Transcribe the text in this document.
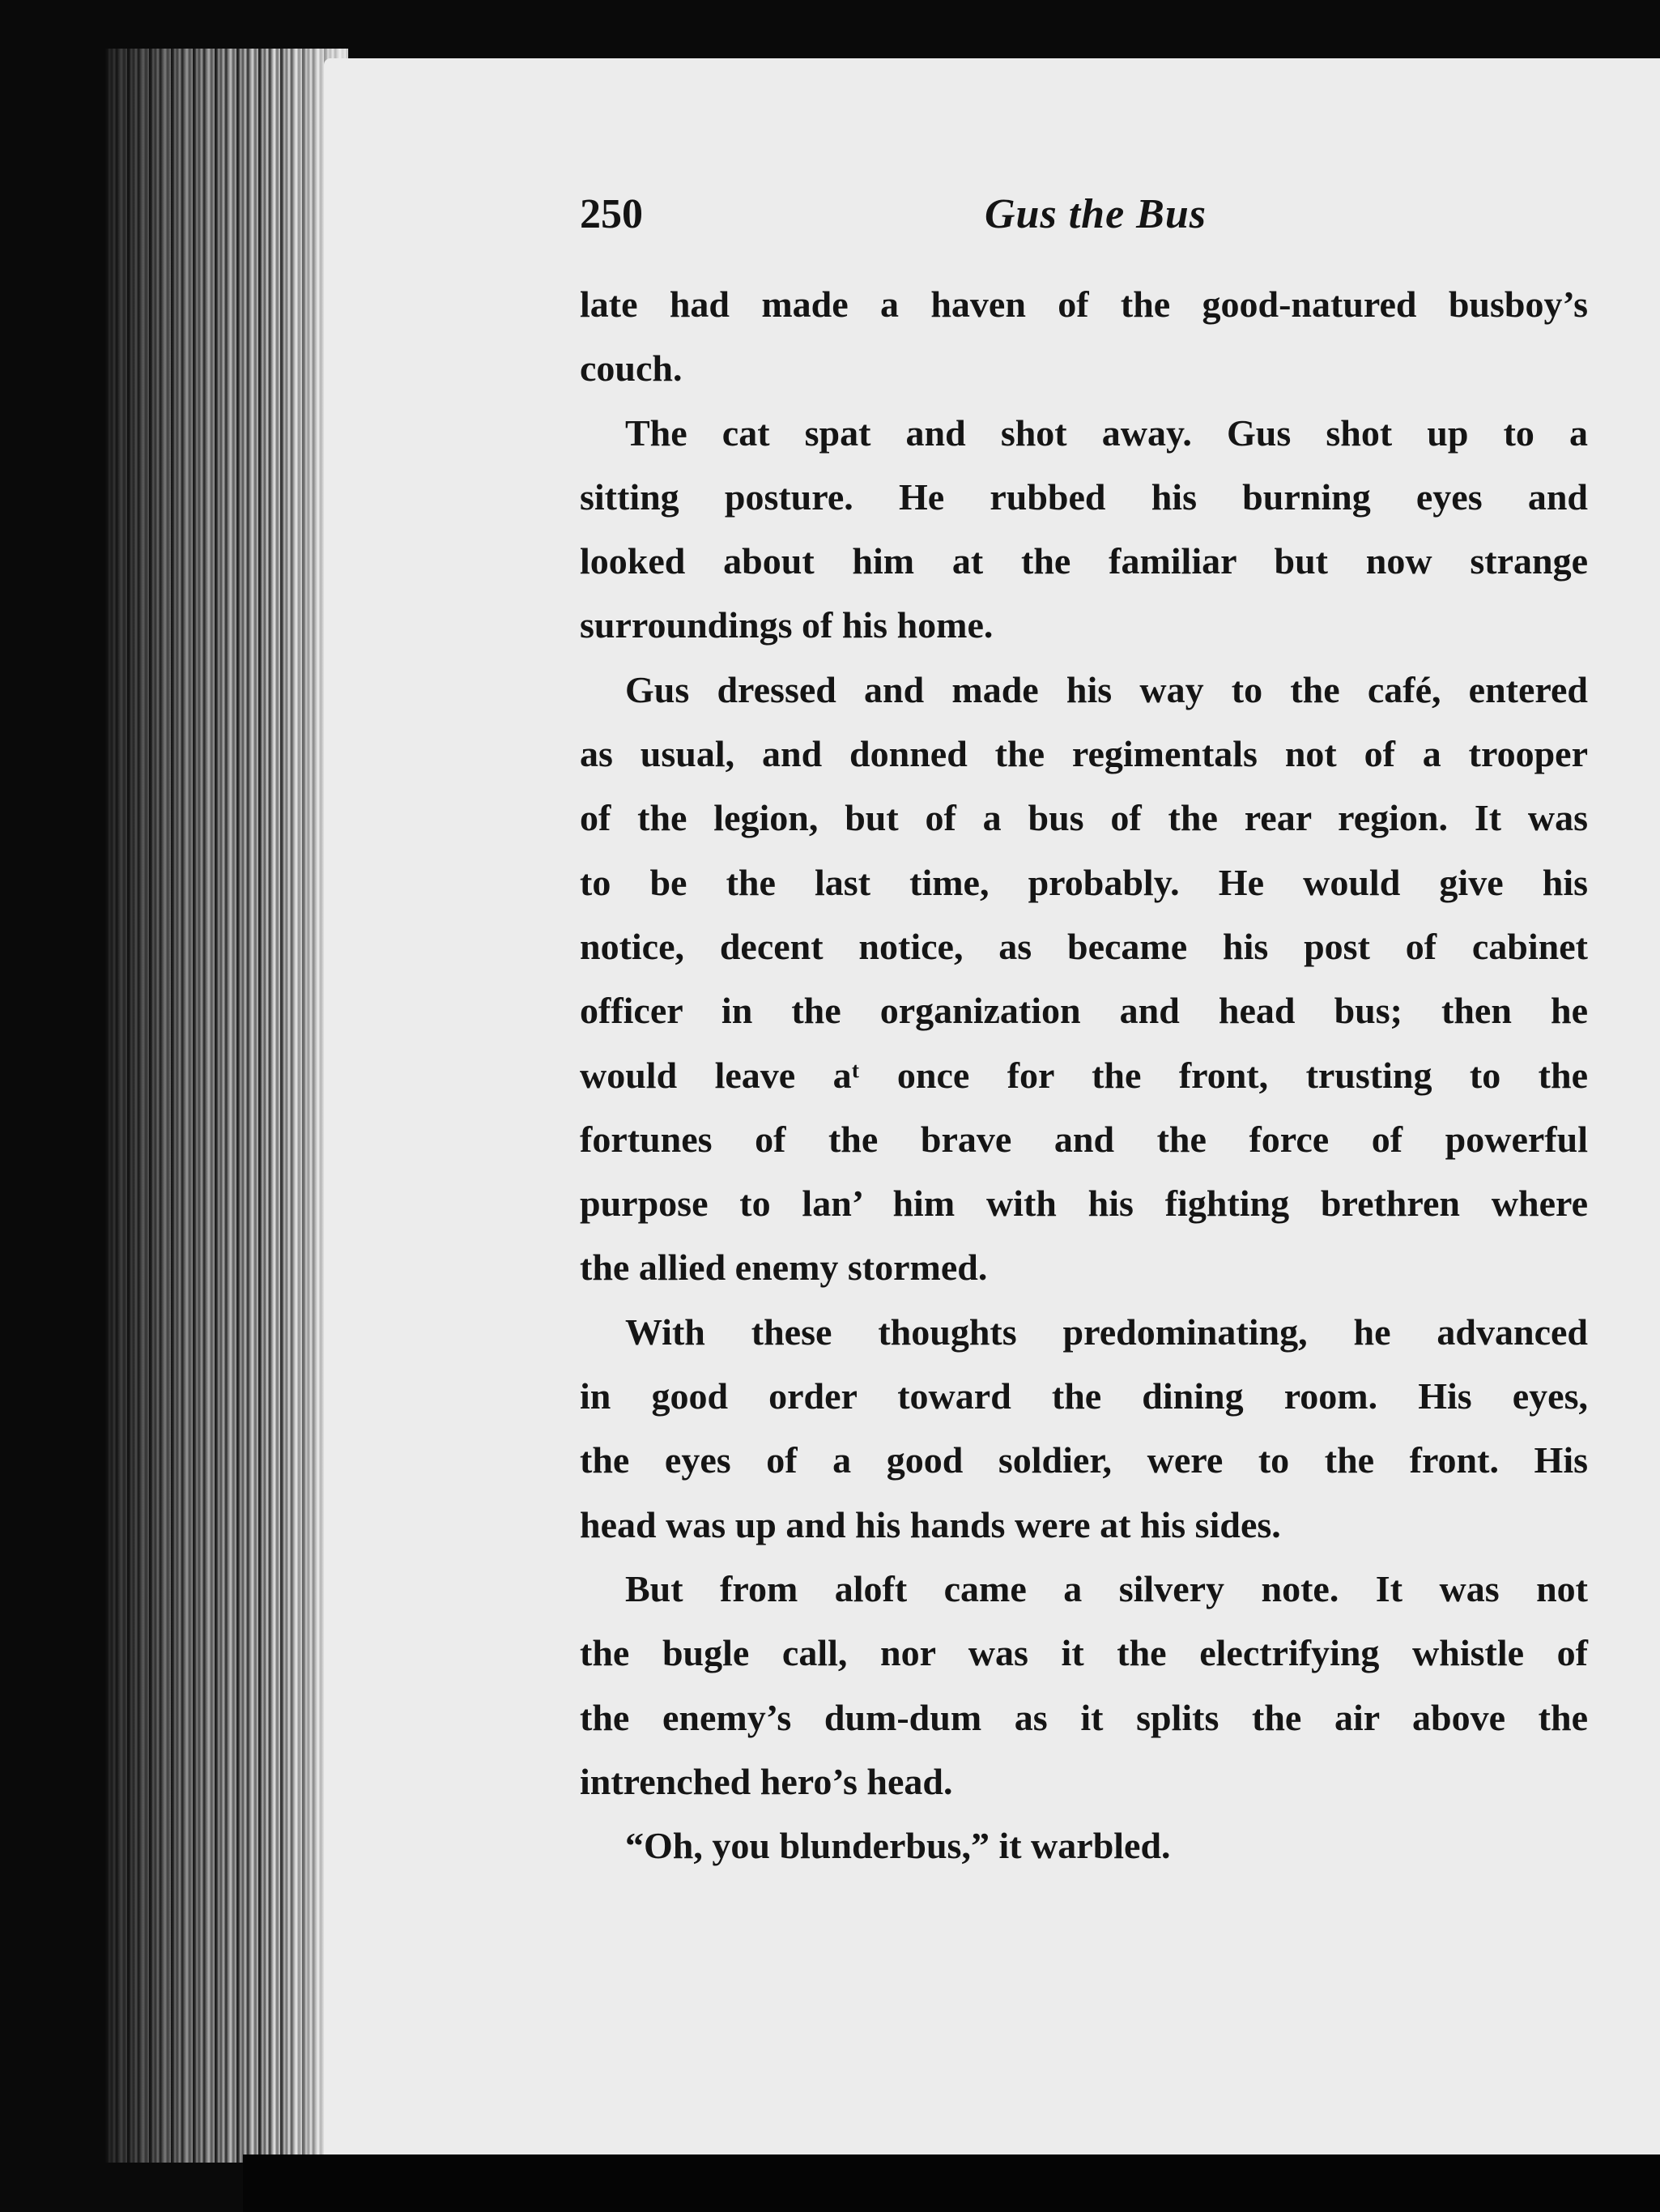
250	Gus the Bus
late had made a haven of the good-natured busboy’s
couch.
The cat spat and shot away. Gus shot up to a
sitting posture. He rubbed his burning eyes and
looked about him at the familiar but now strange
surroundings of his home.
Gus dressed and made his way to the café, entered
as usual, and donned the regimentals not of a trooper
of the legion, but of a bus of the rear region. It was
to be the last time, probably. He would give his
notice, decent notice, as became his post of cabinet
officer in the organization and head bus; then he
would leave aᵗ once for the front, trusting to the
fortunes of the brave and the force of powerful
purpose to lan’ him with his fighting brethren where
the allied enemy stormed.
With these thoughts predominating, he advanced
in good order toward the dining room. His eyes,
the eyes of a good soldier, were to the front. His
head was up and his hands were at his sides.
But from aloft came a silvery note. It was not
the bugle call, nor was it the electrifying whistle of
the enemy’s dum-dum as it splits the air above the
intrenched hero’s head.
“Oh, you blunderbus,” it warbled.
